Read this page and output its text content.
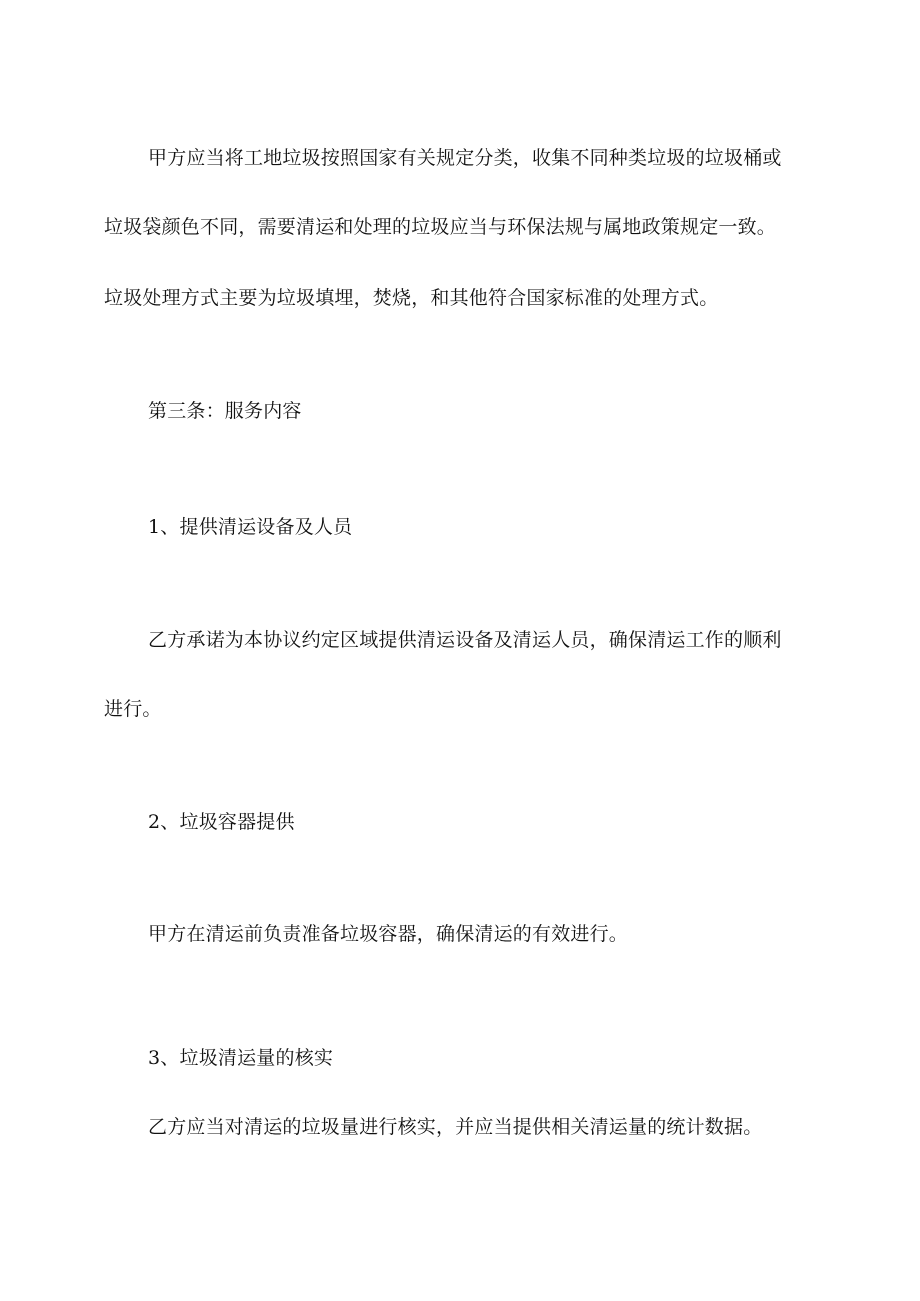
甲方应当将工地垃圾按照国家有关规定分类，收集不同种类垃圾的垃圾桶或
垃圾袋颜色不同，需要清运和处理的垃圾应当与环保法规与属地政策规定一致。
垃圾处理方式主要为垃圾填埋，焚烧，和其他符合国家标准的处理方式。
第三条：服务内容
1、提供清运设备及人员
乙方承诺为本协议约定区域提供清运设备及清运人员，确保清运工作的顺利
进行。
2、垃圾容器提供
甲方在清运前负责准备垃圾容器，确保清运的有效进行。
3、垃圾清运量的核实
乙方应当对清运的垃圾量进行核实，并应当提供相关清运量的统计数据。
